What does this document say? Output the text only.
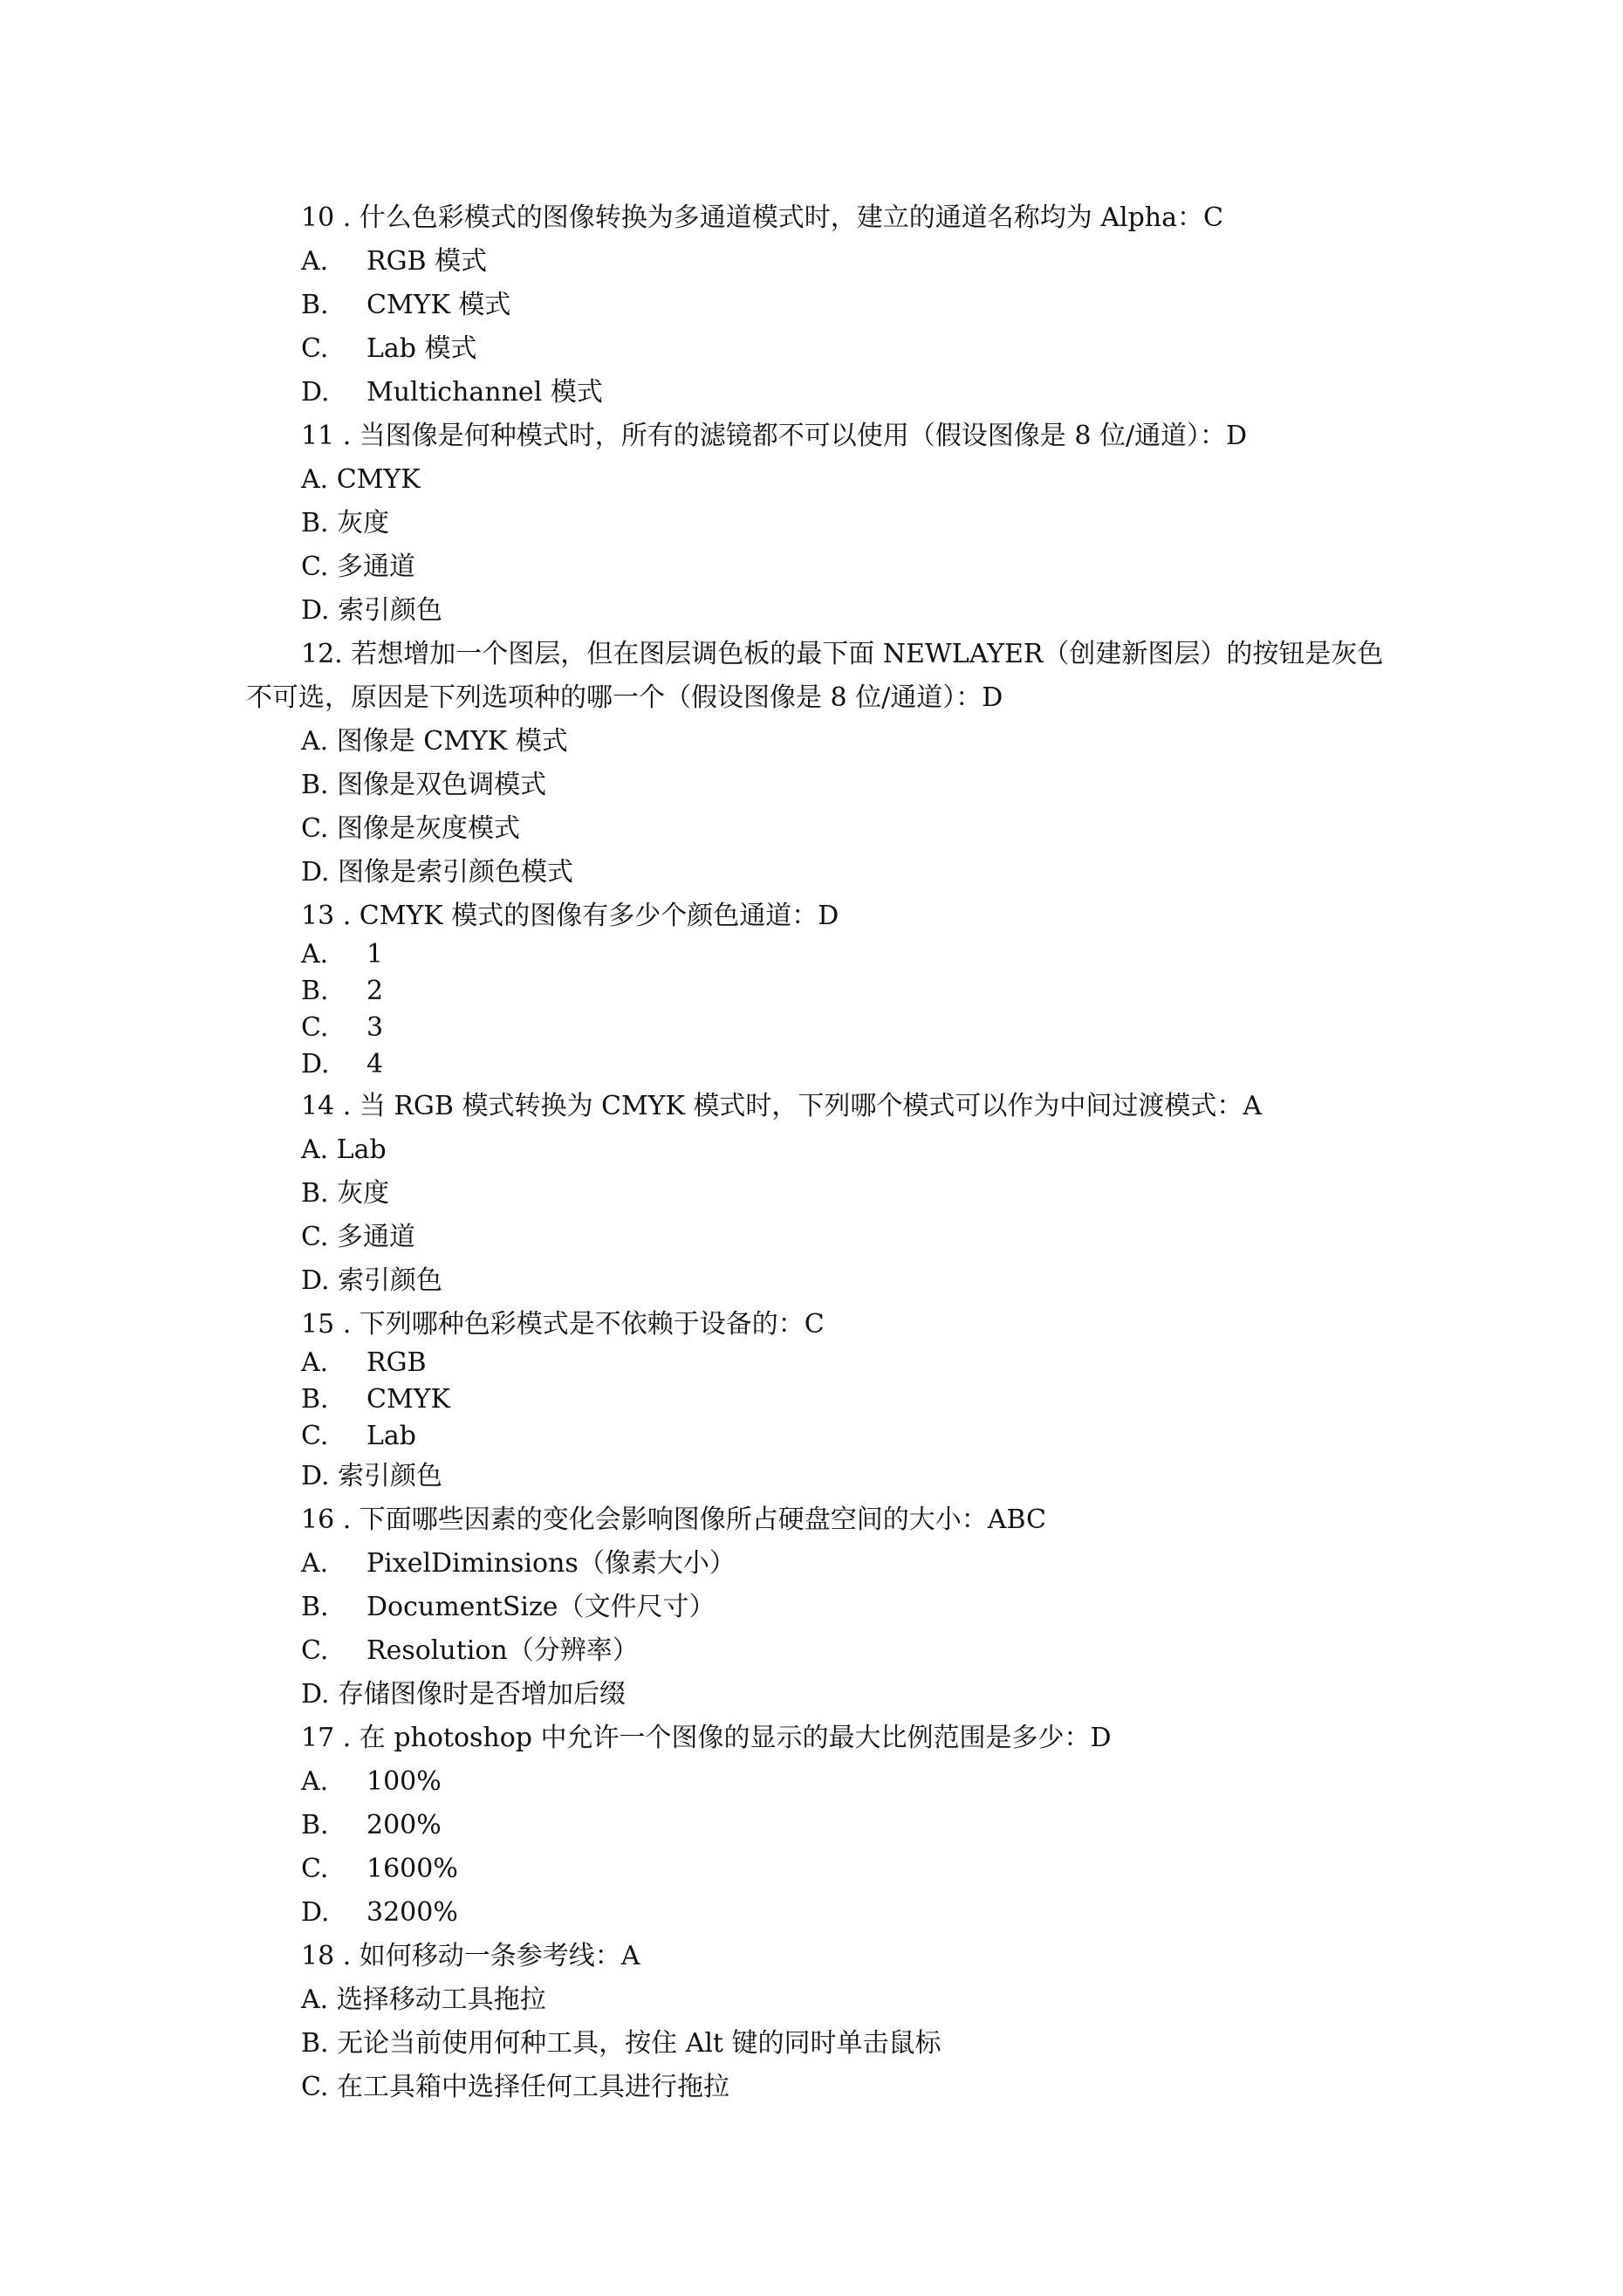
10 . 什么色彩模式的图像转换为多通道模式时，建立的通道名称均为 Alpha：C
A. RGB 模式
B. CMYK 模式
C. Lab 模式
D. Multichannel 模式
11 . 当图像是何种模式时，所有的滤镜都不可以使用（假设图像是 8 位/通道）：D
A. CMYK
B. 灰度
C. 多通道
D. 索引颜色
12. 若想增加一个图层，但在图层调色板的最下面 NEWLAYER（创建新图层）的按钮是灰色
不可选，原因是下列选项种的哪一个（假设图像是 8 位/通道）：D
A. 图像是 CMYK 模式
B. 图像是双色调模式
C. 图像是灰度模式
D. 图像是索引颜色模式
13 . CMYK 模式的图像有多少个颜色通道：D
A. 1
B. 2
C. 3
D. 4
14 . 当 RGB 模式转换为 CMYK 模式时，下列哪个模式可以作为中间过渡模式：A
A. Lab
B. 灰度
C. 多通道
D. 索引颜色
15 . 下列哪种色彩模式是不依赖于设备的：C
A. RGB
B. CMYK
C. Lab
D. 索引颜色
16 . 下面哪些因素的变化会影响图像所占硬盘空间的大小：ABC
A. PixelDiminsions（像素大小）
B. DocumentSize（文件尺寸）
C. Resolution（分辨率）
D. 存储图像时是否增加后缀
17 . 在 photoshop 中允许一个图像的显示的最大比例范围是多少：D
A. 100%
B. 200%
C. 1600%
D. 3200%
18 . 如何移动一条参考线：A
A. 选择移动工具拖拉
B. 无论当前使用何种工具，按住 Alt 键的同时单击鼠标
C. 在工具箱中选择任何工具进行拖拉
